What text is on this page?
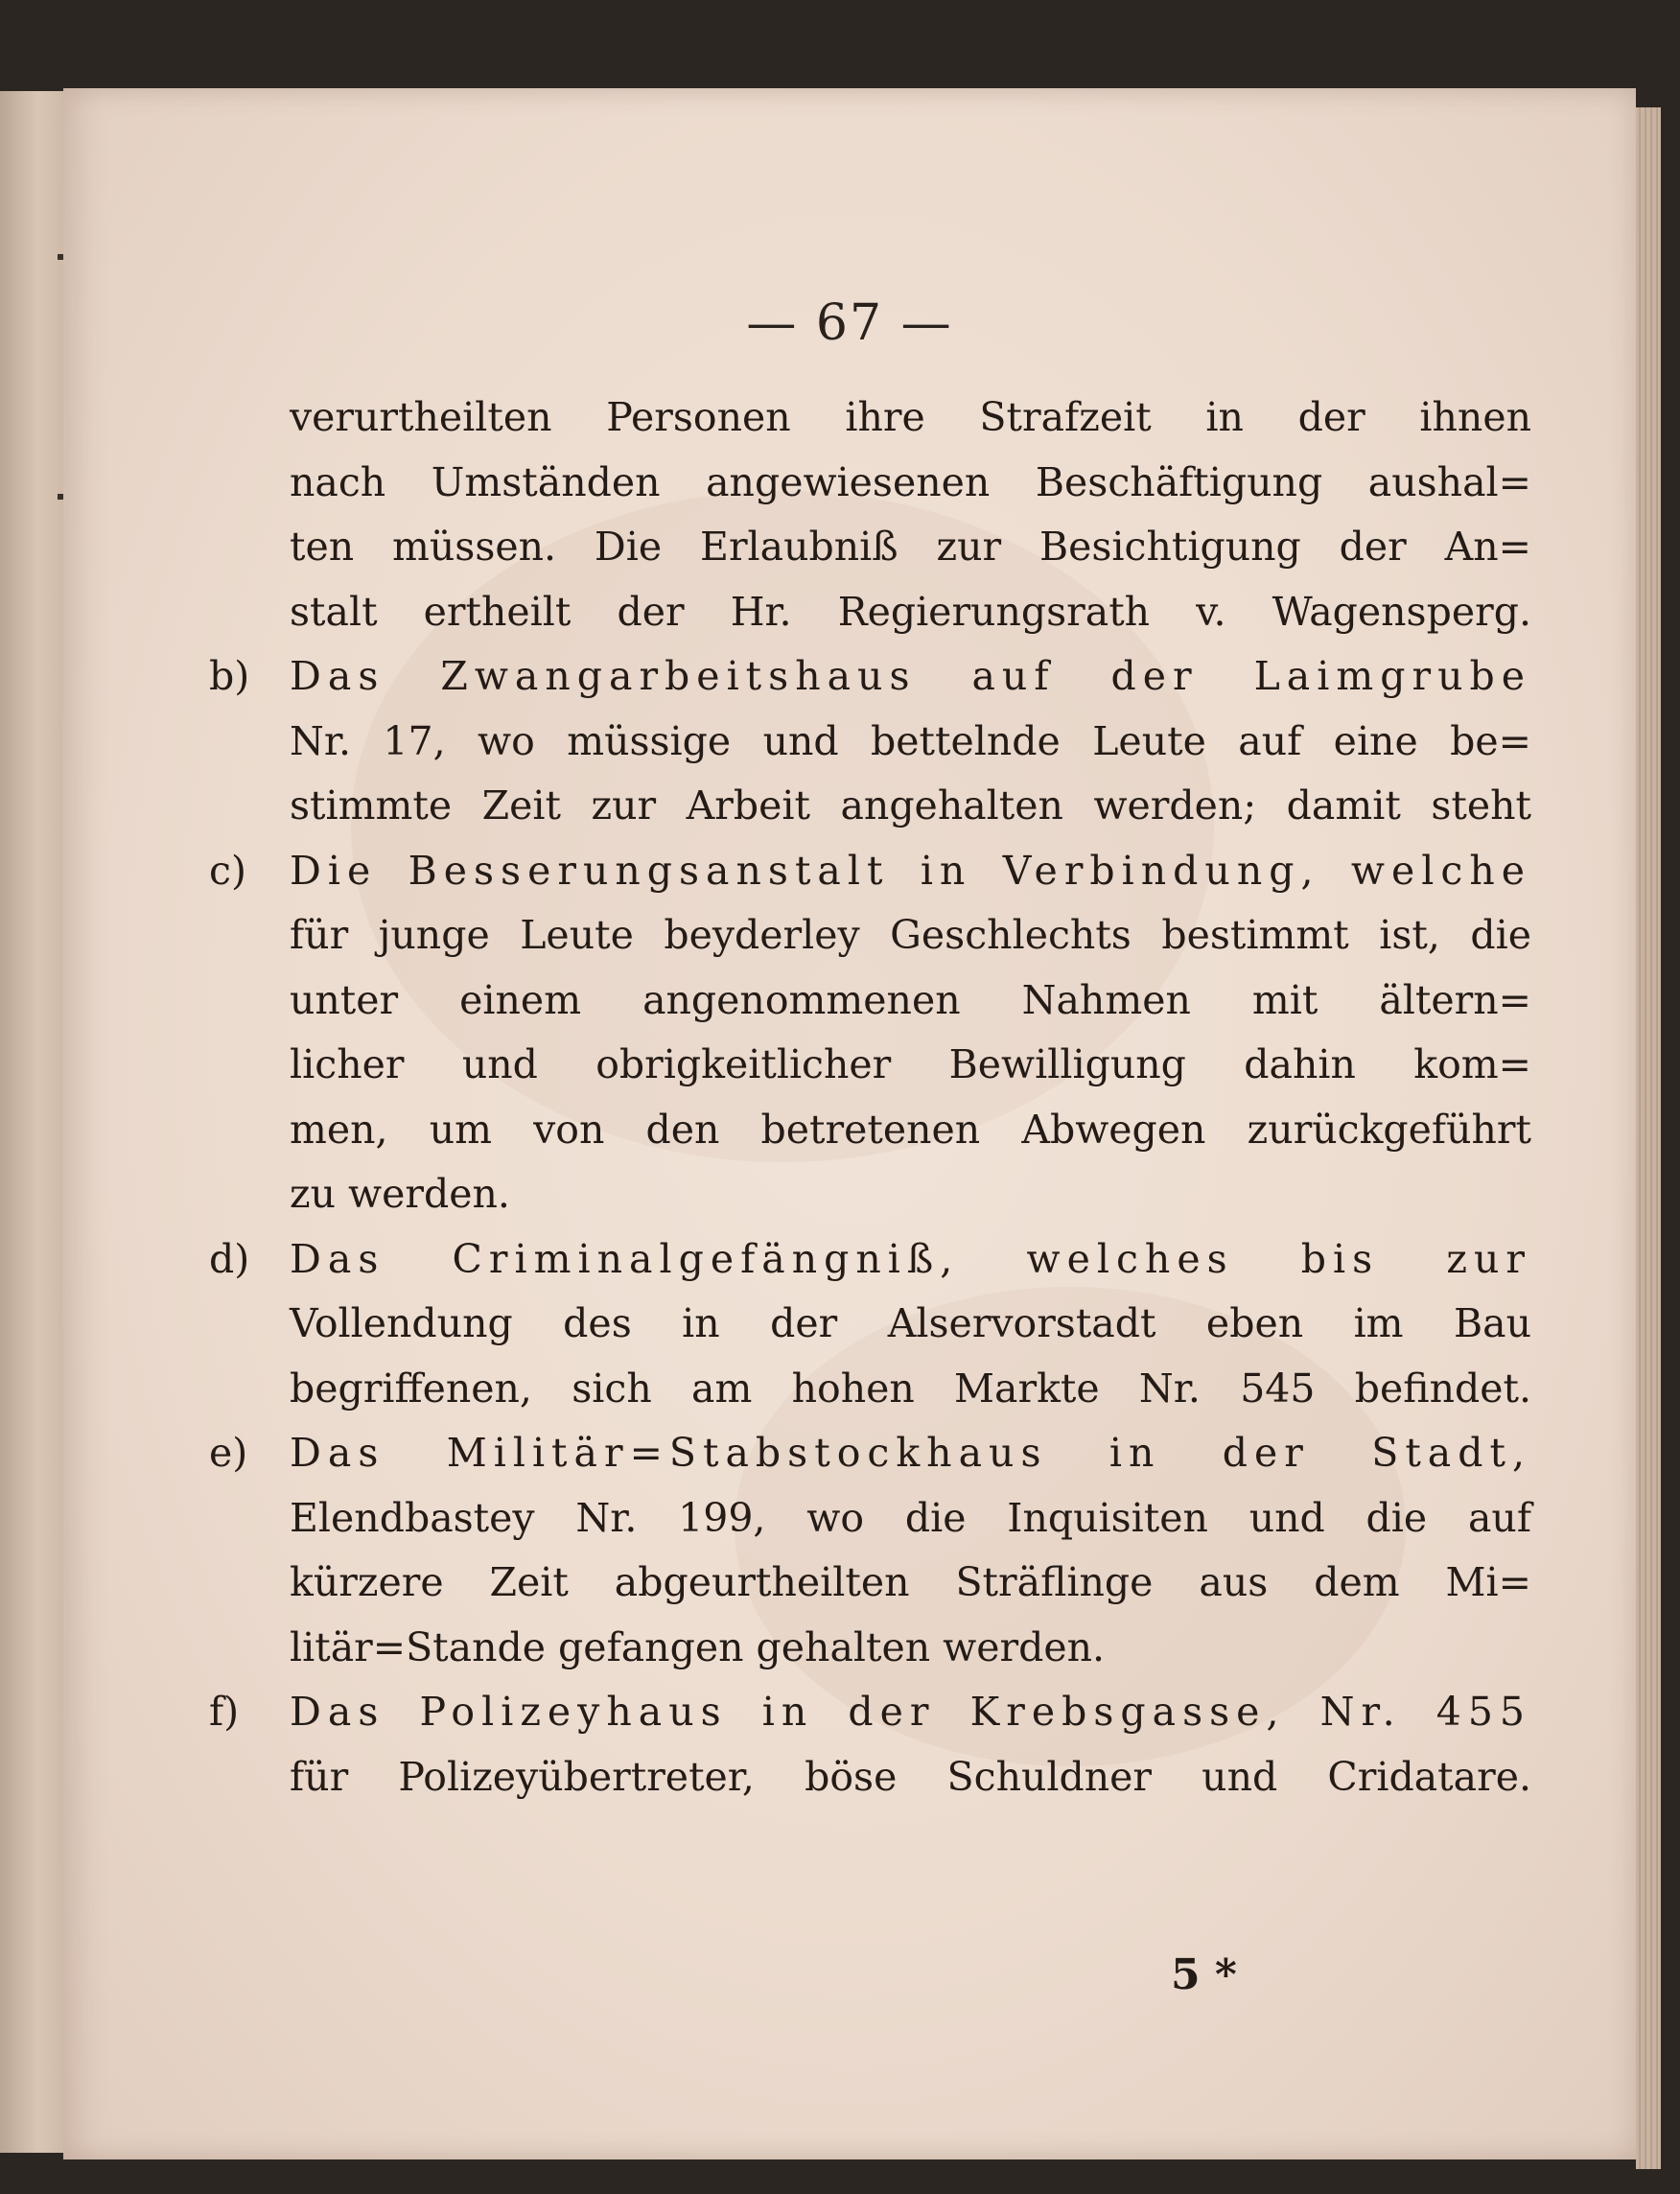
— 67 —
verurtheilten Personen ihre Strafzeit in der ihnen
nach Umständen angewiesenen Beschäftigung aushal=
ten müssen. Die Erlaubniß zur Besichtigung der An=
stalt ertheilt der Hr. Regierungsrath v. Wagensperg.
b) Das Zwangarbeitshaus auf der Laimgrube
Nr. 17, wo müssige und bettelnde Leute auf eine be=
stimmte Zeit zur Arbeit angehalten werden; damit steht
c) Die Besserungsanstalt in Verbindung, welche
für junge Leute beyderley Geschlechts bestimmt ist, die
unter einem angenommenen Nahmen mit ältern=
licher und obrigkeitlicher Bewilligung dahin kom=
men, um von den betretenen Abwegen zurückgeführt
zu werden.
d) Das Criminalgefängniß, welches bis zur
Vollendung des in der Alservorstadt eben im Bau
begriffenen, sich am hohen Markte Nr. 545 befindet.
e) Das Militär=Stabstockhaus in der Stadt,
Elendbastey Nr. 199, wo die Inquisiten und die auf
kürzere Zeit abgeurtheilten Sträflinge aus dem Mi=
litär=Stande gefangen gehalten werden.
f) Das Polizeyhaus in der Krebsgasse, Nr. 455
für Polizeyübertreter, böse Schuldner und Cridatare.
5 *
